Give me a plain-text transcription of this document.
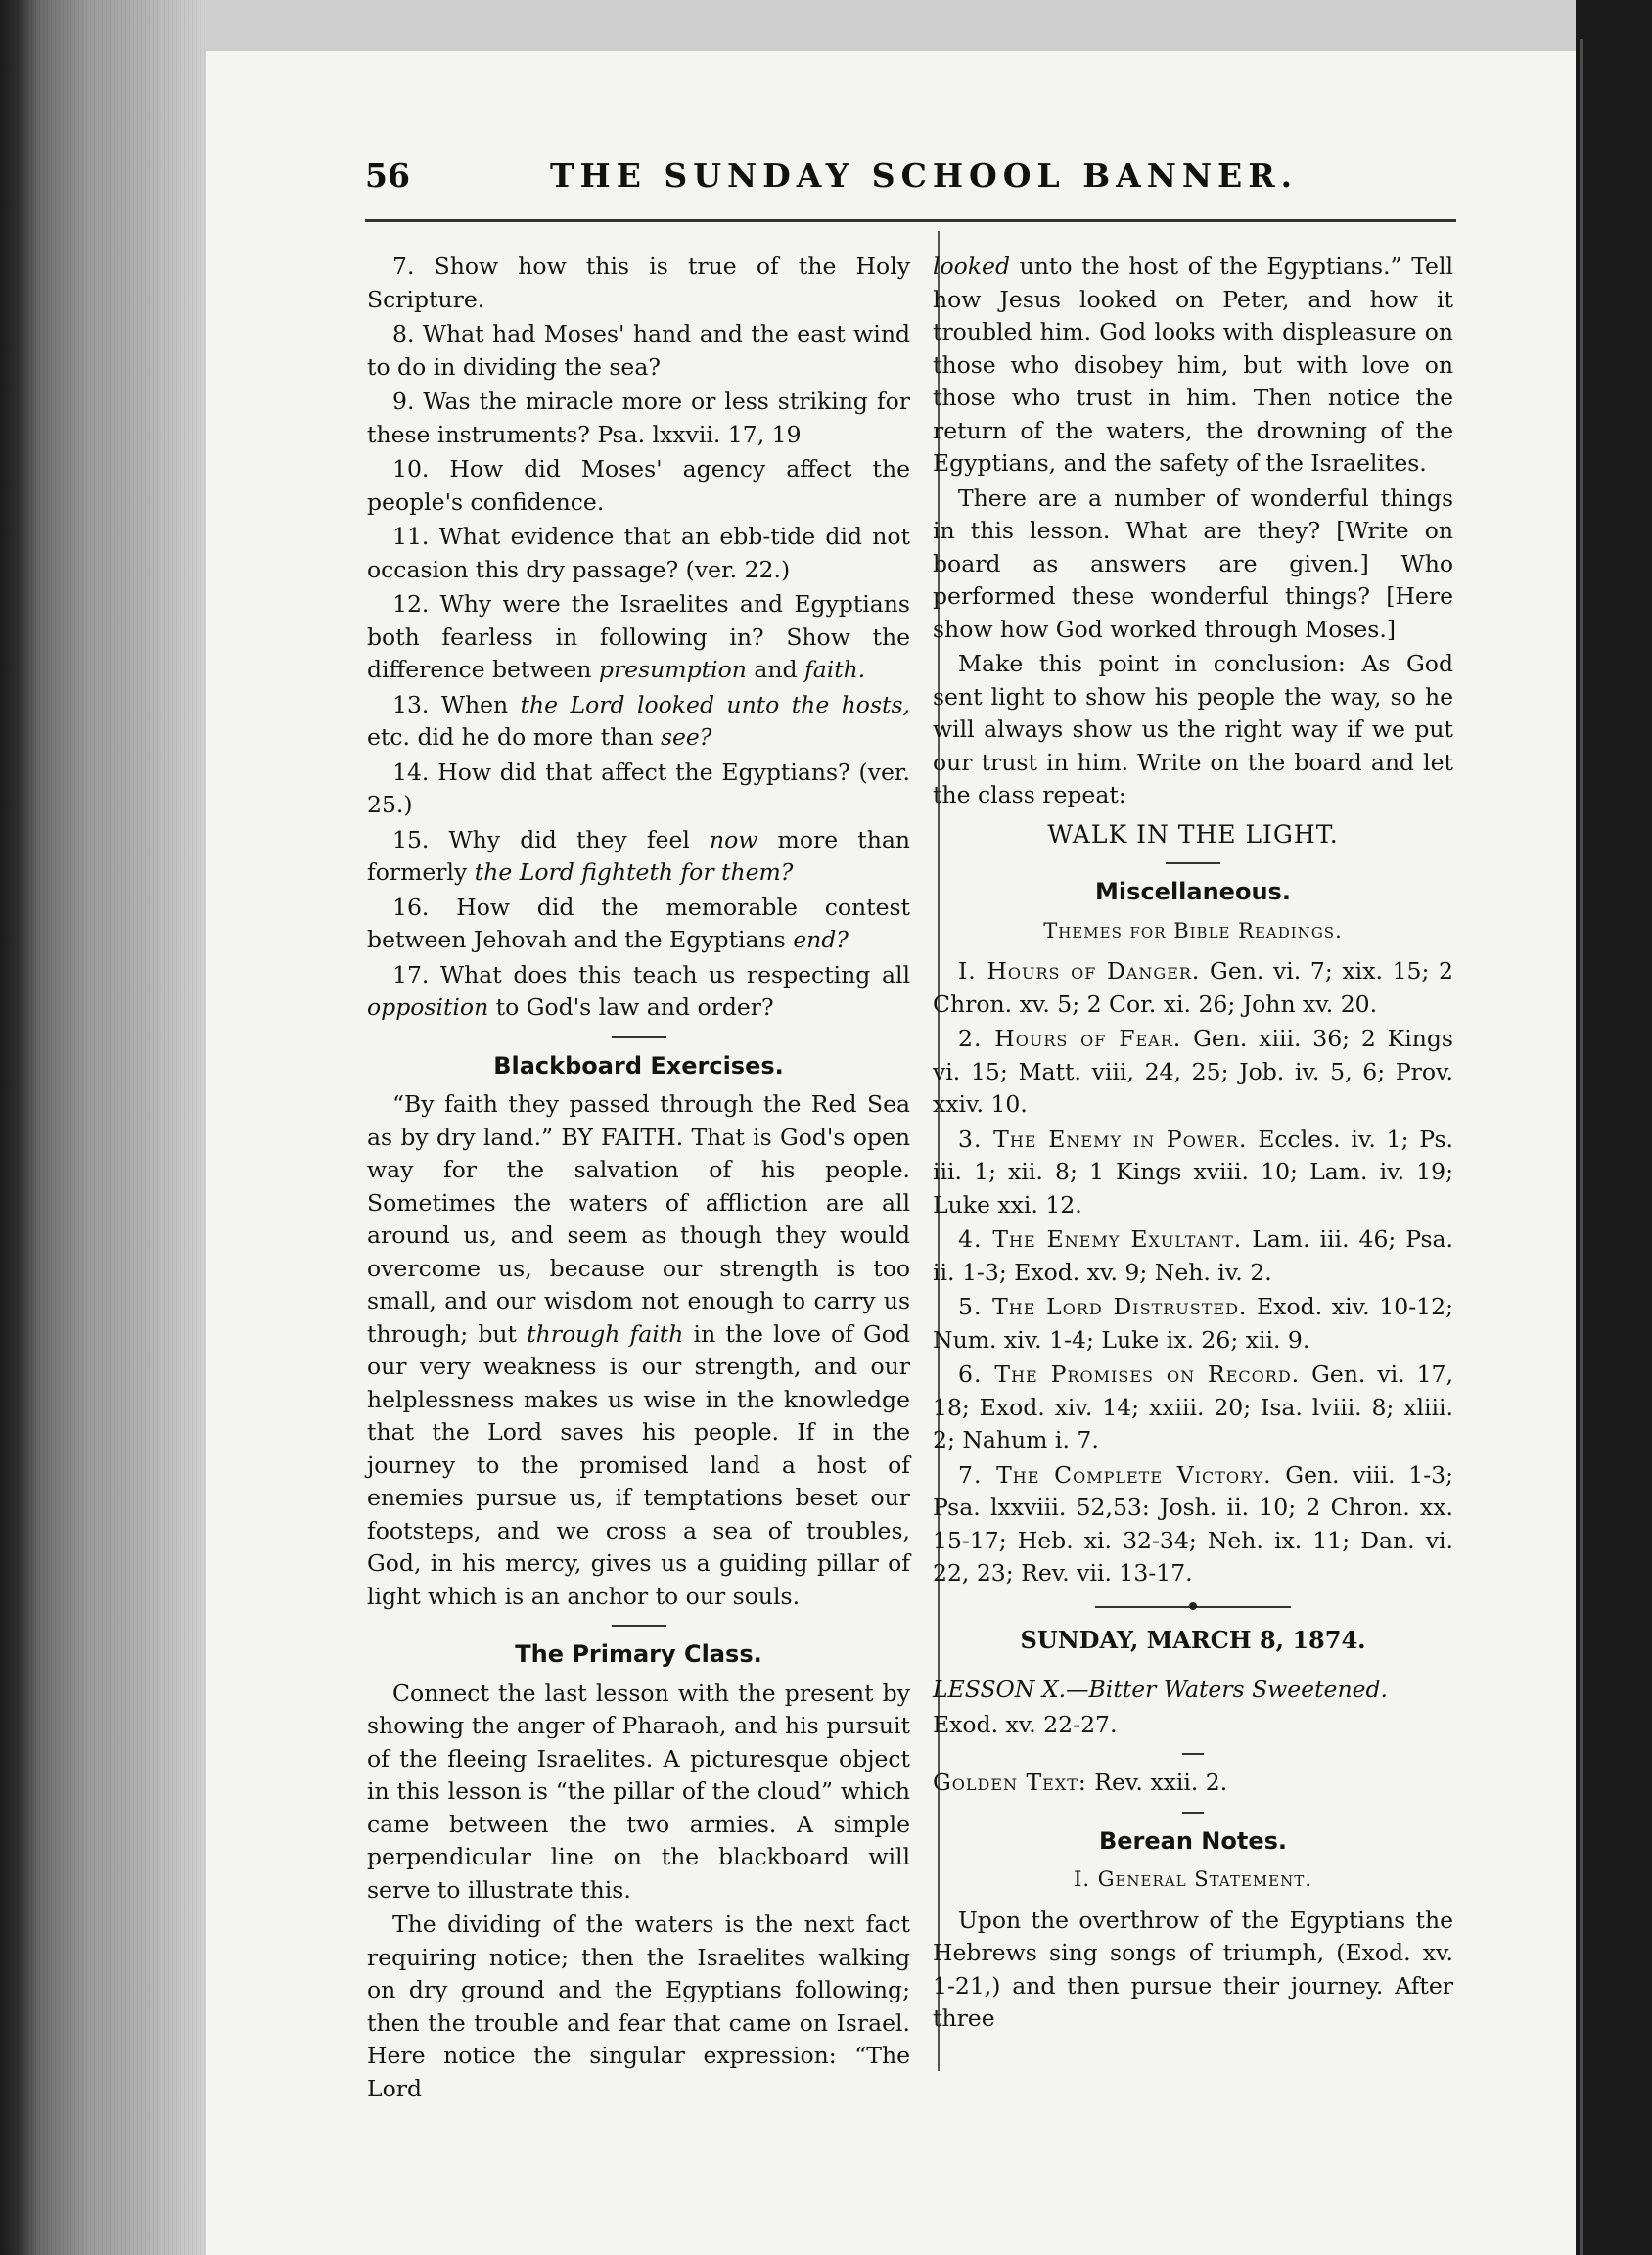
56	THE SUNDAY SCHOOL BANNER.

7. Show how this is true of the Holy Scripture.

8. What had Moses' hand and the east wind to do in dividing the sea?

9. Was the miracle more or less striking for these instruments? Psa. lxxvii. 17, 19

10. How did Moses' agency affect the people's confidence.

11. What evidence that an ebb-tide did not occasion this dry passage? (ver. 22.)

12. Why were the Israelites and Egyptians both fearless in following in? Show the difference between presumption and faith.

13. When the Lord looked unto the hosts, etc. did he do more than see?

14. How did that affect the Egyptians? (ver. 25.)

15. Why did they feel now more than formerly the Lord fighteth for them?

16. How did the memorable contest between Jehovah and the Egyptians end?

17. What does this teach us respecting all opposition to God's law and order?

Blackboard Exercises.

“By faith they passed through the Red Sea as by dry land.” BY FAITH. That is God's open way for the salvation of his people. Sometimes the waters of affliction are all around us, and seem as though they would overcome us, because our strength is too small, and our wisdom not enough to carry us through; but through faith in the love of God our very weakness is our strength, and our helplessness makes us wise in the knowledge that the Lord saves his people. If in the journey to the promised land a host of enemies pursue us, if temptations beset our footsteps, and we cross a sea of troubles, God, in his mercy, gives us a guiding pillar of light which is an anchor to our souls.

The Primary Class.

Connect the last lesson with the present by showing the anger of Pharaoh, and his pursuit of the fleeing Israelites. A picturesque object in this lesson is “the pillar of the cloud” which came between the two armies. A simple perpendicular line on the blackboard will serve to illustrate this.

The dividing of the waters is the next fact requiring notice; then the Israelites walking on dry ground and the Egyptians following; then the trouble and fear that came on Israel. Here notice the singular expression: “The Lord

looked unto the host of the Egyptians.” Tell how Jesus looked on Peter, and how it troubled him. God looks with displeasure on those who disobey him, but with love on those who trust in him. Then notice the return of the waters, the drowning of the Egyptians, and the safety of the Israelites.

There are a number of wonderful things in this lesson. What are they? [Write on board as answers are given.] Who performed these wonderful things? [Here show how God worked through Moses.]

Make this point in conclusion: As God sent light to show his people the way, so he will always show us the right way if we put our trust in him. Write on the board and let the class repeat:

WALK IN THE LIGHT.
Miscellaneous.
Themes for Bible Readings.

I. Hours of Danger. Gen. vi. 7; xix. 15; 2 Chron. xv. 5; 2 Cor. xi. 26; John xv. 20.

2. Hours of Fear. Gen. xiii. 36; 2 Kings vi. 15; Matt. viii, 24, 25; Job. iv. 5, 6; Prov. xxiv. 10.

3. The Enemy in Power. Eccles. iv. 1; Ps. iii. 1; xii. 8; 1 Kings xviii. 10; Lam. iv. 19; Luke xxi. 12.

4. The Enemy Exultant. Lam. iii. 46; Psa. ii. 1-3; Exod. xv. 9; Neh. iv. 2.

5. The Lord Distrusted. Exod. xiv. 10-12; Num. xiv. 1-4; Luke ix. 26; xii. 9.

6. The Promises on Record. Gen. vi. 17, 18; Exod. xiv. 14; xxiii. 20; Isa. lviii. 8; xliii. 2; Nahum i. 7.

7. The Complete Victory. Gen. viii. 1-3; Psa. lxxviii. 52,53: Josh. ii. 10; 2 Chron. xx. 15-17; Heb. xi. 32-34; Neh. ix. 11; Dan. vi. 22, 23; Rev. vii. 13-17.

SUNDAY, MARCH 8, 1874.

LESSON X.—Bitter Waters Sweetened.

Exod. xv. 22-27.

Golden Text: Rev. xxii. 2.

Berean Notes.
I. General Statement.

Upon the overthrow of the Egyptians the Hebrews sing songs of triumph, (Exod. xv. 1-21,) and then pursue their journey. After three
